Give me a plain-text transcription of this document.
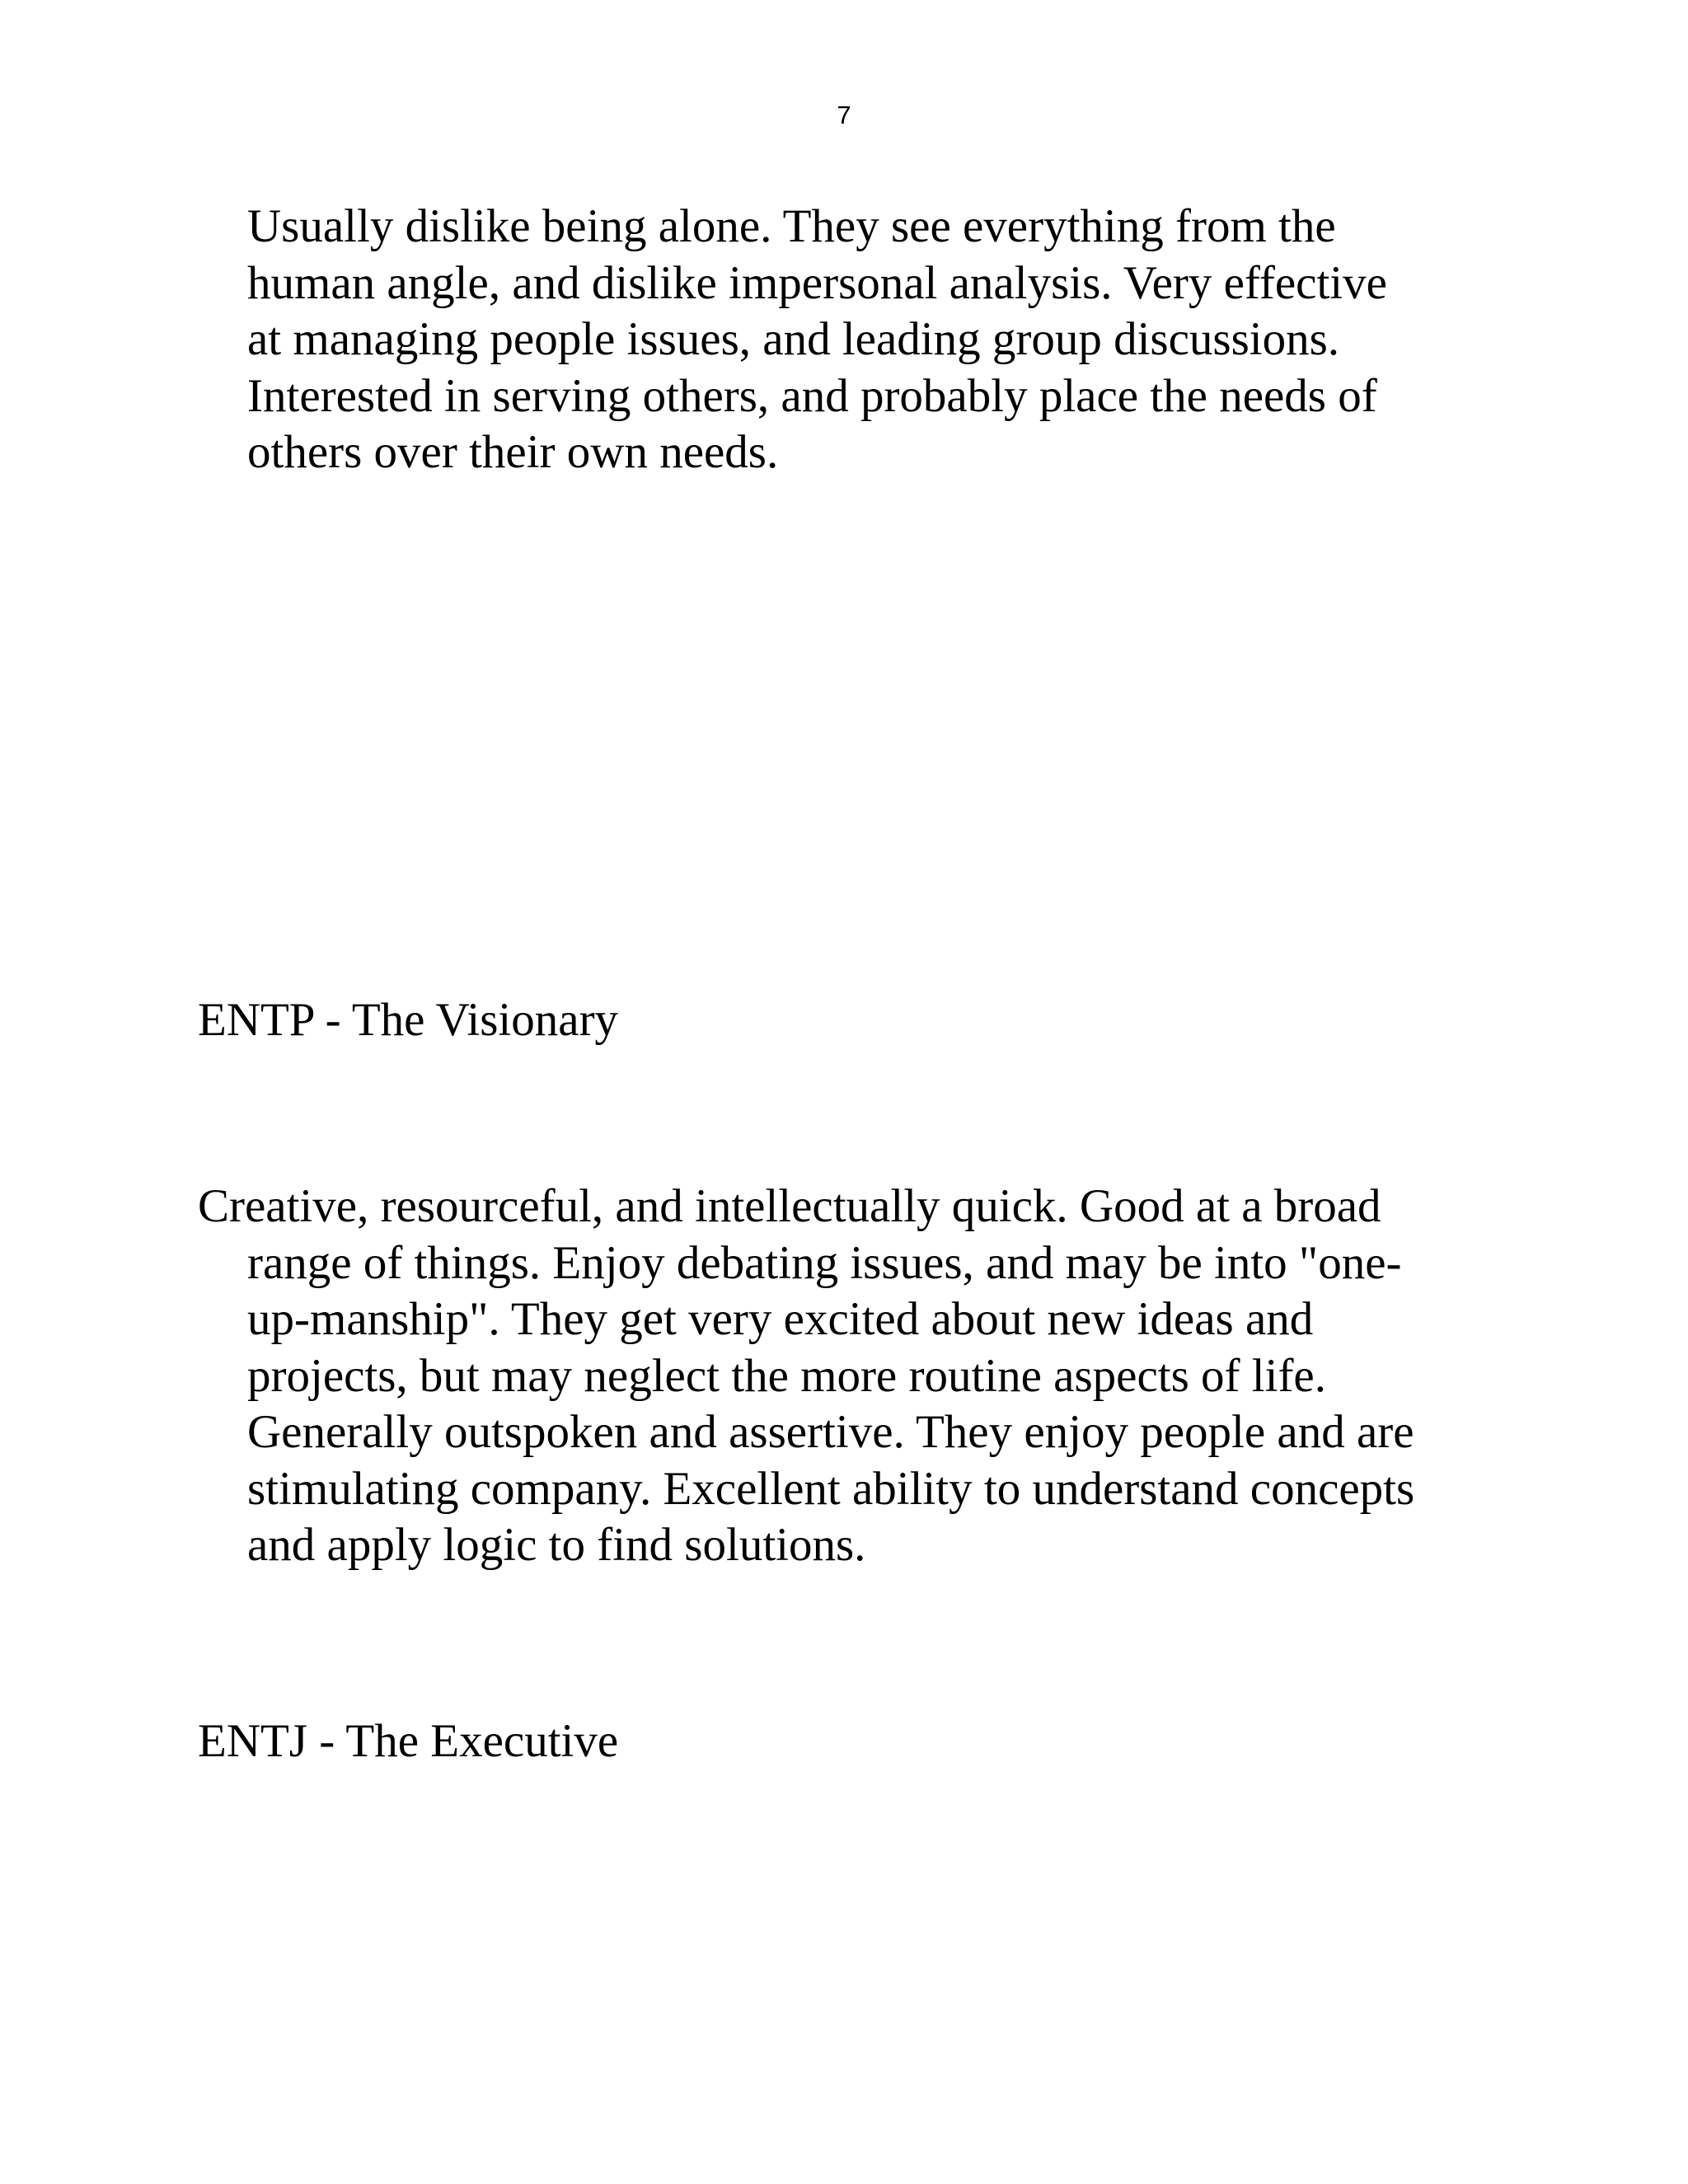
7

Usually dislike being alone. They see everything from the
human angle, and dislike impersonal analysis. Very effective
at managing people issues, and leading group discussions.
Interested in serving others, and probably place the needs of
others over their own needs.

ENTP - The Visionary

Creative, resourceful, and intellectually quick. Good at a broad
range of things. Enjoy debating issues, and may be into "one-
up-manship". They get very excited about new ideas and
projects, but may neglect the more routine aspects of life.
Generally outspoken and assertive. They enjoy people and are
stimulating company. Excellent ability to understand concepts
and apply logic to find solutions.

ENTJ - The Executive
